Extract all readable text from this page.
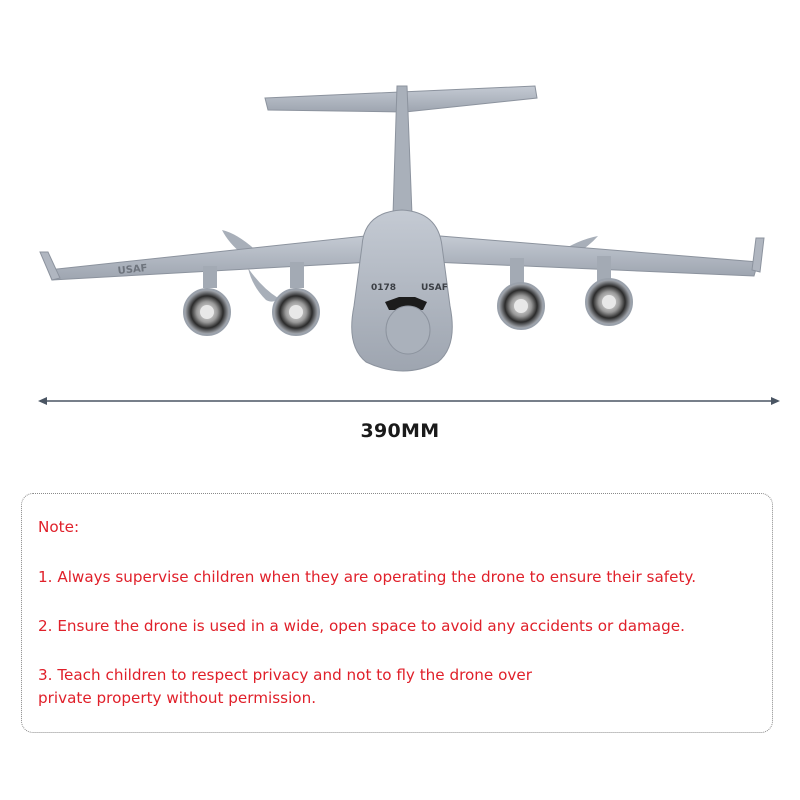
0178	USAF
USAF
390MM
Note:
1. Always supervise children when they are operating the drone to ensure their safety.
2. Ensure the drone is used in a wide, open space to avoid any accidents or damage.
3. Teach children to respect privacy and not to fly the drone over
private property without permission.
